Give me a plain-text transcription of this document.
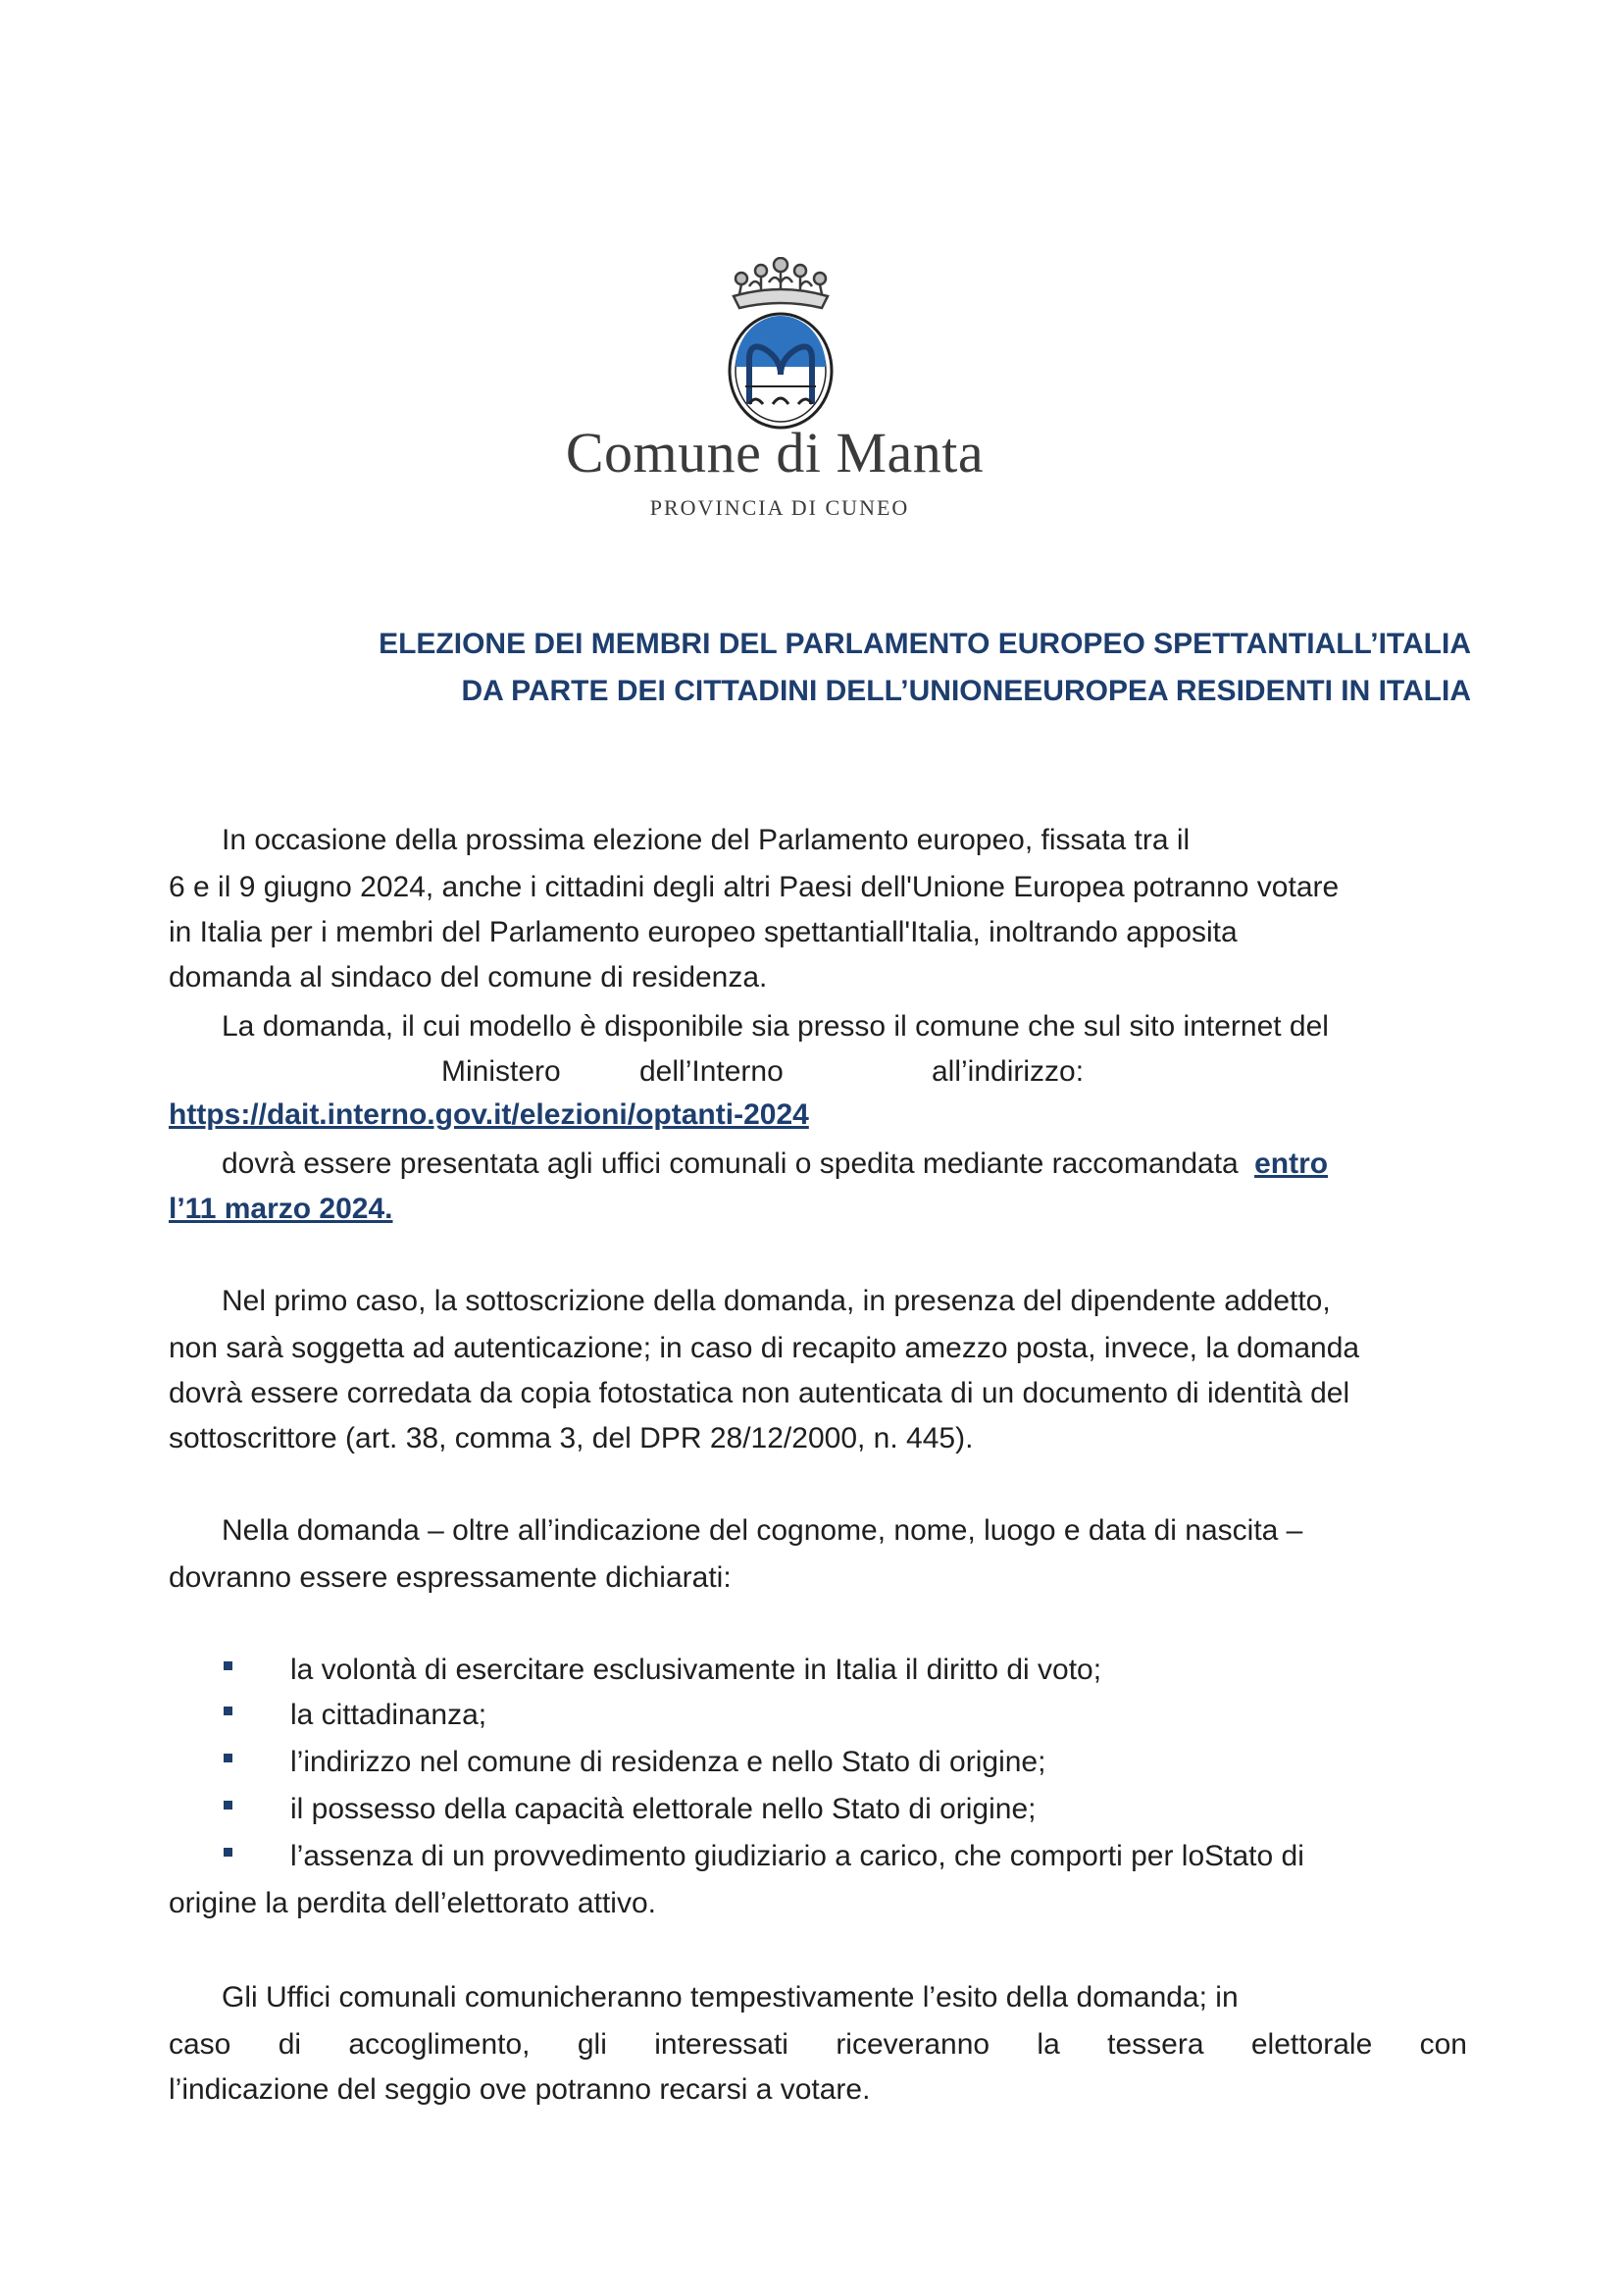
Comune di Manta
PROVINCIA DI CUNEO
ELEZIONE DEI MEMBRI DEL PARLAMENTO EUROPEO SPETTANTIALL’ITALIA
DA PARTE DEI CITTADINI DELL’UNIONEEUROPEA RESIDENTI IN ITALIA
In occasione della prossima elezione del Parlamento europeo, fissata tra il
6 e il 9 giugno 2024, anche i cittadini degli altri Paesi dell'Unione Europea potranno votare
in Italia per i membri del Parlamento europeo spettantiall'Italia, inoltrando apposita
domanda al sindaco del comune di residenza.
La domanda, il cui modello è disponibile sia presso il comune che sul sito internet del
Ministero	dell’Interno	all’indirizzo:
https://dait.interno.gov.it/elezioni/optanti-2024
dovrà essere presentata agli uffici comunali o spedita mediante raccomandata entro
l’11 marzo 2024.
Nel primo caso, la sottoscrizione della domanda, in presenza del dipendente addetto,
non sarà soggetta ad autenticazione; in caso di recapito amezzo posta, invece, la domanda
dovrà essere corredata da copia fotostatica non autenticata di un documento di identità del
sottoscrittore (art. 38, comma 3, del DPR 28/12/2000, n. 445).
Nella domanda – oltre all’indicazione del cognome, nome, luogo e data di nascita –
dovranno essere espressamente dichiarati:
la volontà di esercitare esclusivamente in Italia il diritto di voto;
la cittadinanza;
l’indirizzo nel comune di residenza e nello Stato di origine;
il possesso della capacità elettorale nello Stato di origine;
l’assenza di un provvedimento giudiziario a carico, che comporti per loStato di
origine la perdita dell’elettorato attivo.
Gli Uffici comunali comunicheranno tempestivamente l’esito della domanda; in
caso di accoglimento, gli interessati riceveranno la tessera elettorale con
l’indicazione del seggio ove potranno recarsi a votare.
